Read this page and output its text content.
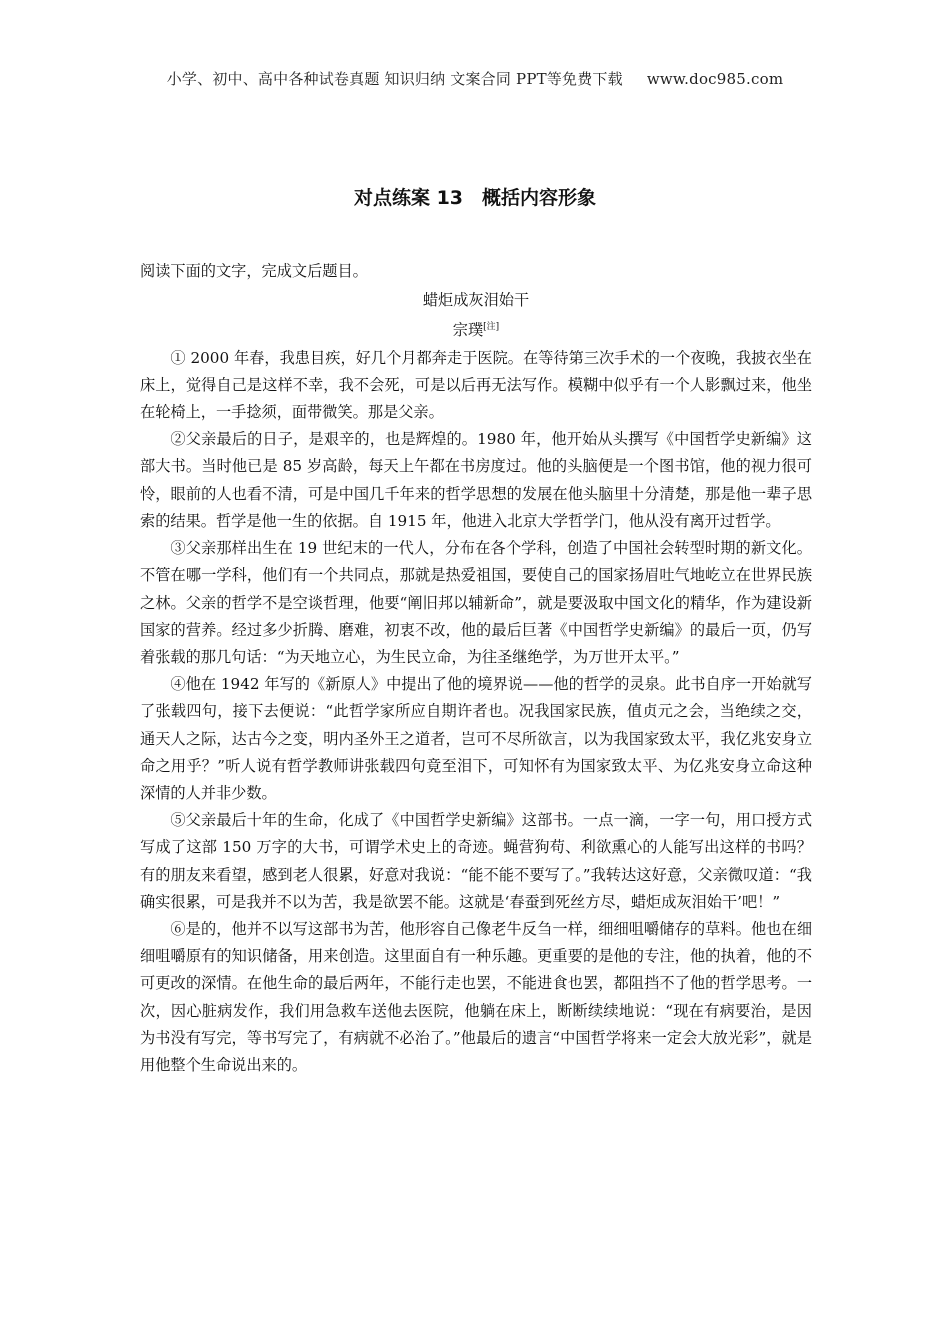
小学、初中、高中各种试卷真题 知识归纳 文案合同 PPT等免费下载 www.doc985.com
对点练案 13　概括内容形象

阅读下面的文字，完成文后题目。

蜡炬成灰泪始干

宗璞[注]

① 2000 年春，我患目疾，好几个月都奔走于医院。在等待第三次手术的一个夜晚，我披衣坐在床上，觉得自己是这样不幸，我不会死，可是以后再无法写作。模糊中似乎有一个人影飘过来，他坐在轮椅上，一手捻须，面带微笑。那是父亲。

②父亲最后的日子，是艰辛的，也是辉煌的。1980 年，他开始从头撰写《中国哲学史新编》这部大书。当时他已是 85 岁高龄，每天上午都在书房度过。他的头脑便是一个图书馆，他的视力很可怜，眼前的人也看不清，可是中国几千年来的哲学思想的发展在他头脑里十分清楚，那是他一辈子思索的结果。哲学是他一生的依据。自 1915 年，他进入北京大学哲学门，他从没有离开过哲学。

③父亲那样出生在 19 世纪末的一代人，分布在各个学科，创造了中国社会转型时期的新文化。不管在哪一学科，他们有一个共同点，那就是热爱祖国，要使自己的国家扬眉吐气地屹立在世界民族之林。父亲的哲学不是空谈哲理，他要“阐旧邦以辅新命”，就是要汲取中国文化的精华，作为建设新国家的营养。经过多少折腾、磨难，初衷不改，他的最后巨著《中国哲学史新编》的最后一页，仍写着张载的那几句话：“为天地立心，为生民立命，为往圣继绝学，为万世开太平。”

④他在 1942 年写的《新原人》中提出了他的境界说——他的哲学的灵泉。此书自序一开始就写了张载四句，接下去便说：“此哲学家所应自期许者也。况我国家民族，值贞元之会，当绝续之交，通天人之际，达古今之变，明内圣外王之道者，岂可不尽所欲言，以为我国家致太平，我亿兆安身立命之用乎？”听人说有哲学教师讲张载四句竟至泪下，可知怀有为国家致太平、为亿兆安身立命这种深情的人并非少数。

⑤父亲最后十年的生命，化成了《中国哲学史新编》这部书。一点一滴，一字一句，用口授方式写成了这部 150 万字的大书，可谓学术史上的奇迹。蝇营狗苟、利欲熏心的人能写出这样的书吗？有的朋友来看望，感到老人很累，好意对我说：“能不能不要写了。”我转达这好意，父亲微叹道：“我确实很累，可是我并不以为苦，我是欲罢不能。这就是‘春蚕到死丝方尽，蜡炬成灰泪始干’吧！”

⑥是的，他并不以写这部书为苦，他形容自己像老牛反刍一样，细细咀嚼储存的草料。他也在细细咀嚼原有的知识储备，用来创造。这里面自有一种乐趣。更重要的是他的专注，他的执着，他的不可更改的深情。在他生命的最后两年，不能行走也罢，不能进食也罢，都阻挡不了他的哲学思考。一次，因心脏病发作，我们用急救车送他去医院，他躺在床上，断断续续地说：“现在有病要治，是因为书没有写完，等书写完了，有病就不必治了。”他最后的遗言“中国哲学将来一定会大放光彩”，就是用他整个生命说出来的。
